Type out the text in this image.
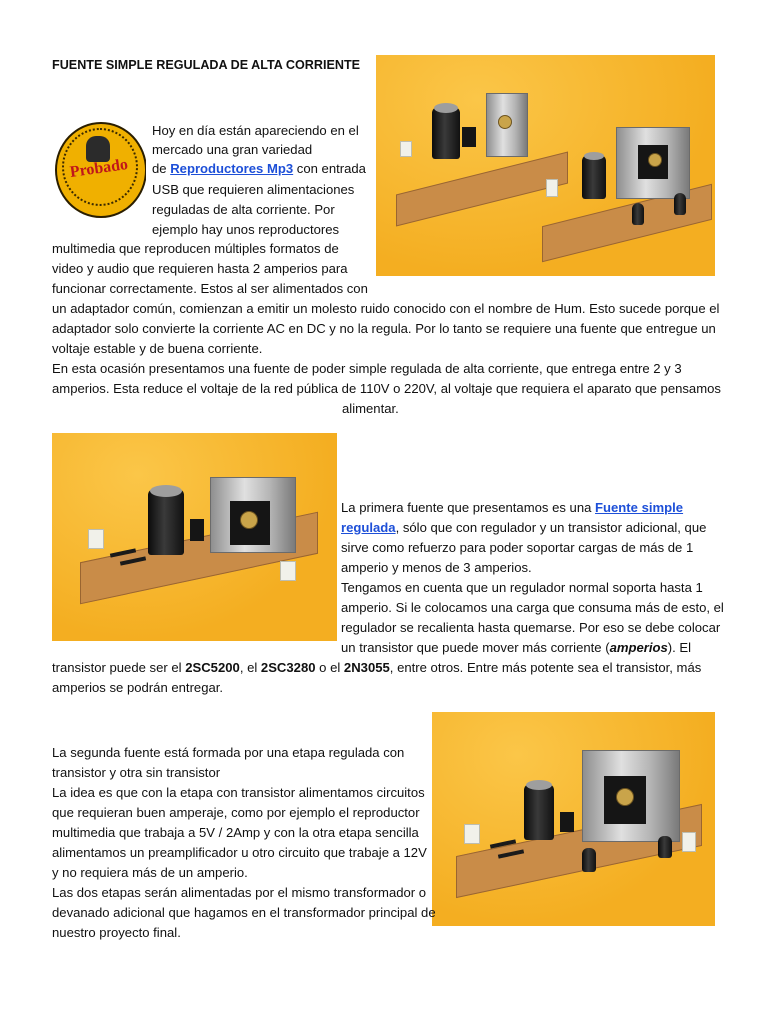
FUENTE SIMPLE REGULADA DE ALTA CORRIENTE
Probado
Hoy en día están apareciendo en el
mercado una gran variedad
de Reproductores Mp3 con entrada
USB que requieren alimentaciones
reguladas de alta corriente. Por
ejemplo hay unos reproductores
multimedia que reproducen múltiples formatos de
video y audio que requieren hasta 2 amperios para
funcionar correctamente. Estos al ser alimentados con
un adaptador común, comienzan a emitir un molesto ruido conocido con el nombre de Hum. Esto sucede porque el
adaptador solo convierte la corriente AC en DC y no la regula. Por lo tanto se requiere una fuente que entregue un
voltaje estable y de buena corriente.
En esta ocasión presentamos una fuente de poder simple regulada de alta corriente, que entrega entre 2 y 3
amperios. Esta reduce el voltaje de la red pública de 110V o 220V, al voltaje que requiera el aparato que pensamos
alimentar.
La primera fuente que presentamos es una Fuente simple
regulada, sólo que con regulador y un transistor adicional, que
sirve como refuerzo para poder soportar cargas de más de 1
amperio y menos de 3 amperios.
Tengamos en cuenta que un regulador normal soporta hasta 1
amperio. Si le colocamos una carga que consuma más de esto, el
regulador se recalienta hasta quemarse. Por eso se debe colocar
un transistor que puede mover más corriente (amperios). El
transistor puede ser el 2SC5200, el 2SC3280 o el 2N3055, entre otros. Entre más potente sea el transistor, más
amperios se podrán entregar.
La segunda fuente está formada por una etapa regulada con
transistor y otra sin transistor
La idea es que con la etapa con transistor alimentamos circuitos
que requieran buen amperaje, como por ejemplo el reproductor
multimedia que trabaja a 5V / 2Amp y con la otra etapa sencilla
alimentamos un preamplificador u otro circuito que trabaje a 12V
y no requiera más de un amperio.
Las dos etapas serán alimentadas por el mismo transformador o
devanado adicional que hagamos en el transformador principal de
nuestro proyecto final.
